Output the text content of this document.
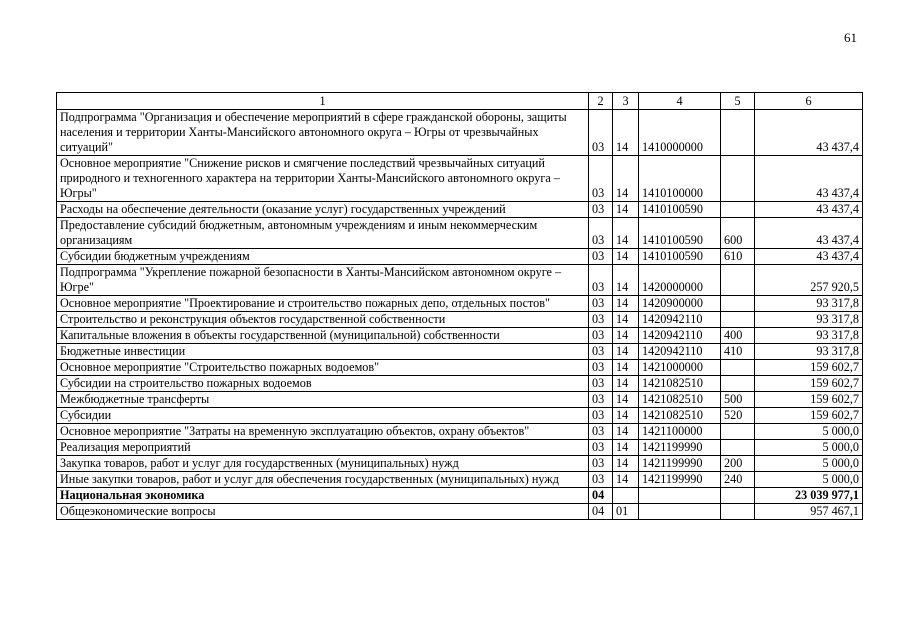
61
1	2	3	4	5	6
Подпрограмма "Организация и обеспечение мероприятий в сфере гражданской обороны, защиты населения и территории Ханты-Мансийского автономного округа – Югры от чрезвычайных ситуаций"	03	14	1410000000		43 437,4
Основное мероприятие "Снижение рисков и смягчение последствий чрезвычайных ситуаций природного и техногенного характера на территории Ханты-Мансийского автономного округа – Югры"	03	14	1410100000		43 437,4
Расходы на обеспечение деятельности (оказание услуг) государственных учреждений	03	14	1410100590		43 437,4
Предоставление субсидий бюджетным, автономным учреждениям и иным некоммерческим организациям	03	14	1410100590	600	43 437,4
Субсидии бюджетным учреждениям	03	14	1410100590	610	43 437,4
Подпрограмма "Укрепление пожарной безопасности в Ханты-Мансийском автономном округе – Югре"	03	14	1420000000		257 920,5
Основное мероприятие "Проектирование и строительство пожарных депо, отдельных постов"	03	14	1420900000		93 317,8
Строительство и реконструкция объектов государственной собственности	03	14	1420942110		93 317,8
Капитальные вложения в объекты государственной (муниципальной) собственности	03	14	1420942110	400	93 317,8
Бюджетные инвестиции	03	14	1420942110	410	93 317,8
Основное мероприятие "Строительство пожарных водоемов"	03	14	1421000000		159 602,7
Субсидии на строительство пожарных водоемов	03	14	1421082510		159 602,7
Межбюджетные трансферты	03	14	1421082510	500	159 602,7
Субсидии	03	14	1421082510	520	159 602,7
Основное мероприятие "Затраты на временную эксплуатацию объектов, охрану объектов"	03	14	1421100000		5 000,0
Реализация мероприятий	03	14	1421199990		5 000,0
Закупка товаров, работ и услуг для государственных (муниципальных) нужд	03	14	1421199990	200	5 000,0
Иные закупки товаров, работ и услуг для обеспечения государственных (муниципальных) нужд	03	14	1421199990	240	5 000,0
Национальная экономика	04				23 039 977,1
Общеэкономические вопросы	04	01			957 467,1
